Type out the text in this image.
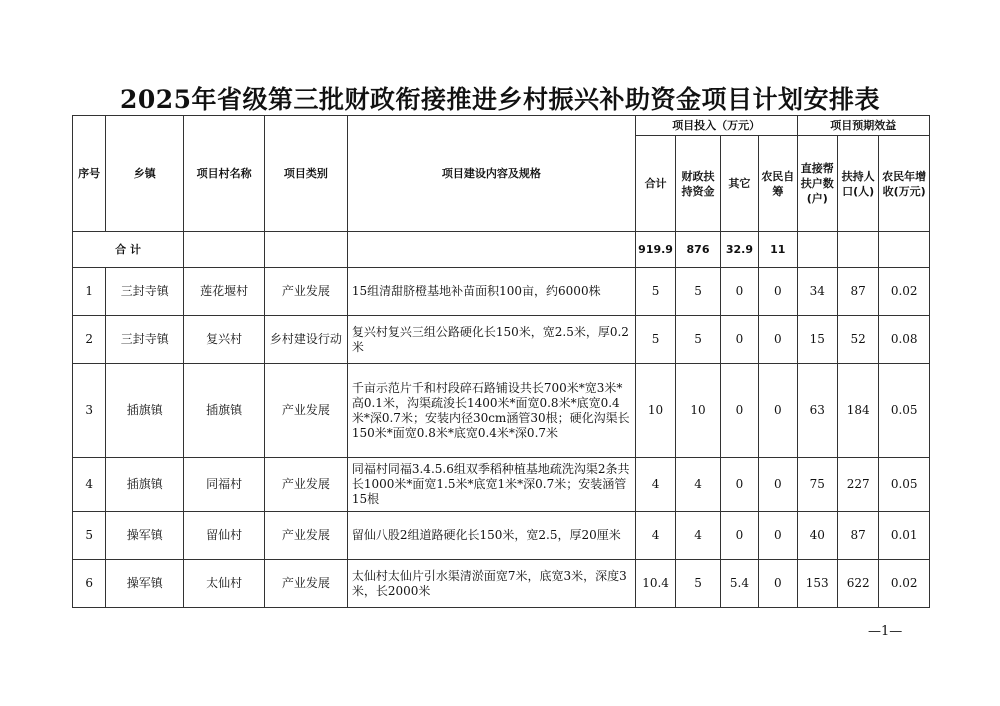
2025年省级第三批财政衔接推进乡村振兴补助资金项目计划安排表
序号	乡镇	项目村名称	项目类别	项目建设内容及规格	项目投入（万元）				项目预期效益		
					合计	财政扶持资金	其它	农民自筹	直接帮扶户数(户)	扶持人口(人)	农民年增收(万元)
合 计					919.9	876	32.9	11			
1	三封寺镇	莲花堰村	产业发展	15组清甜脐橙基地补苗面积100亩，约6000株	5	5	0	0	34	87	0.02
2	三封寺镇	复兴村	乡村建设行动	复兴村复兴三组公路硬化长150米，宽2.5米，厚0.2米	5	5	0	0	15	52	0.08
3	插旗镇	插旗镇	产业发展	千亩示范片千和村段碎石路铺设共长700米*宽3米*高0.1米，沟渠疏浚长1400米*面宽0.8米*底宽0.4米*深0.7米；安装内径30cm涵管30根；硬化沟渠长150米*面宽0.8米*底宽0.4米*深0.7米	10	10	0	0	63	184	0.05
4	插旗镇	同福村	产业发展	同福村同福3.4.5.6组双季稻种植基地疏洗沟渠2条共长1000米*面宽1.5米*底宽1米*深0.7米；安装涵管15根	4	4	0	0	75	227	0.05
5	操军镇	留仙村	产业发展	留仙八股2组道路硬化长150米，宽2.5，厚20厘米	4	4	0	0	40	87	0.01
6	操军镇	太仙村	产业发展	太仙村太仙片引水渠清淤面宽7米，底宽3米，深度3米，长2000米	10.4	5	5.4	0	153	622	0.02
—1—
